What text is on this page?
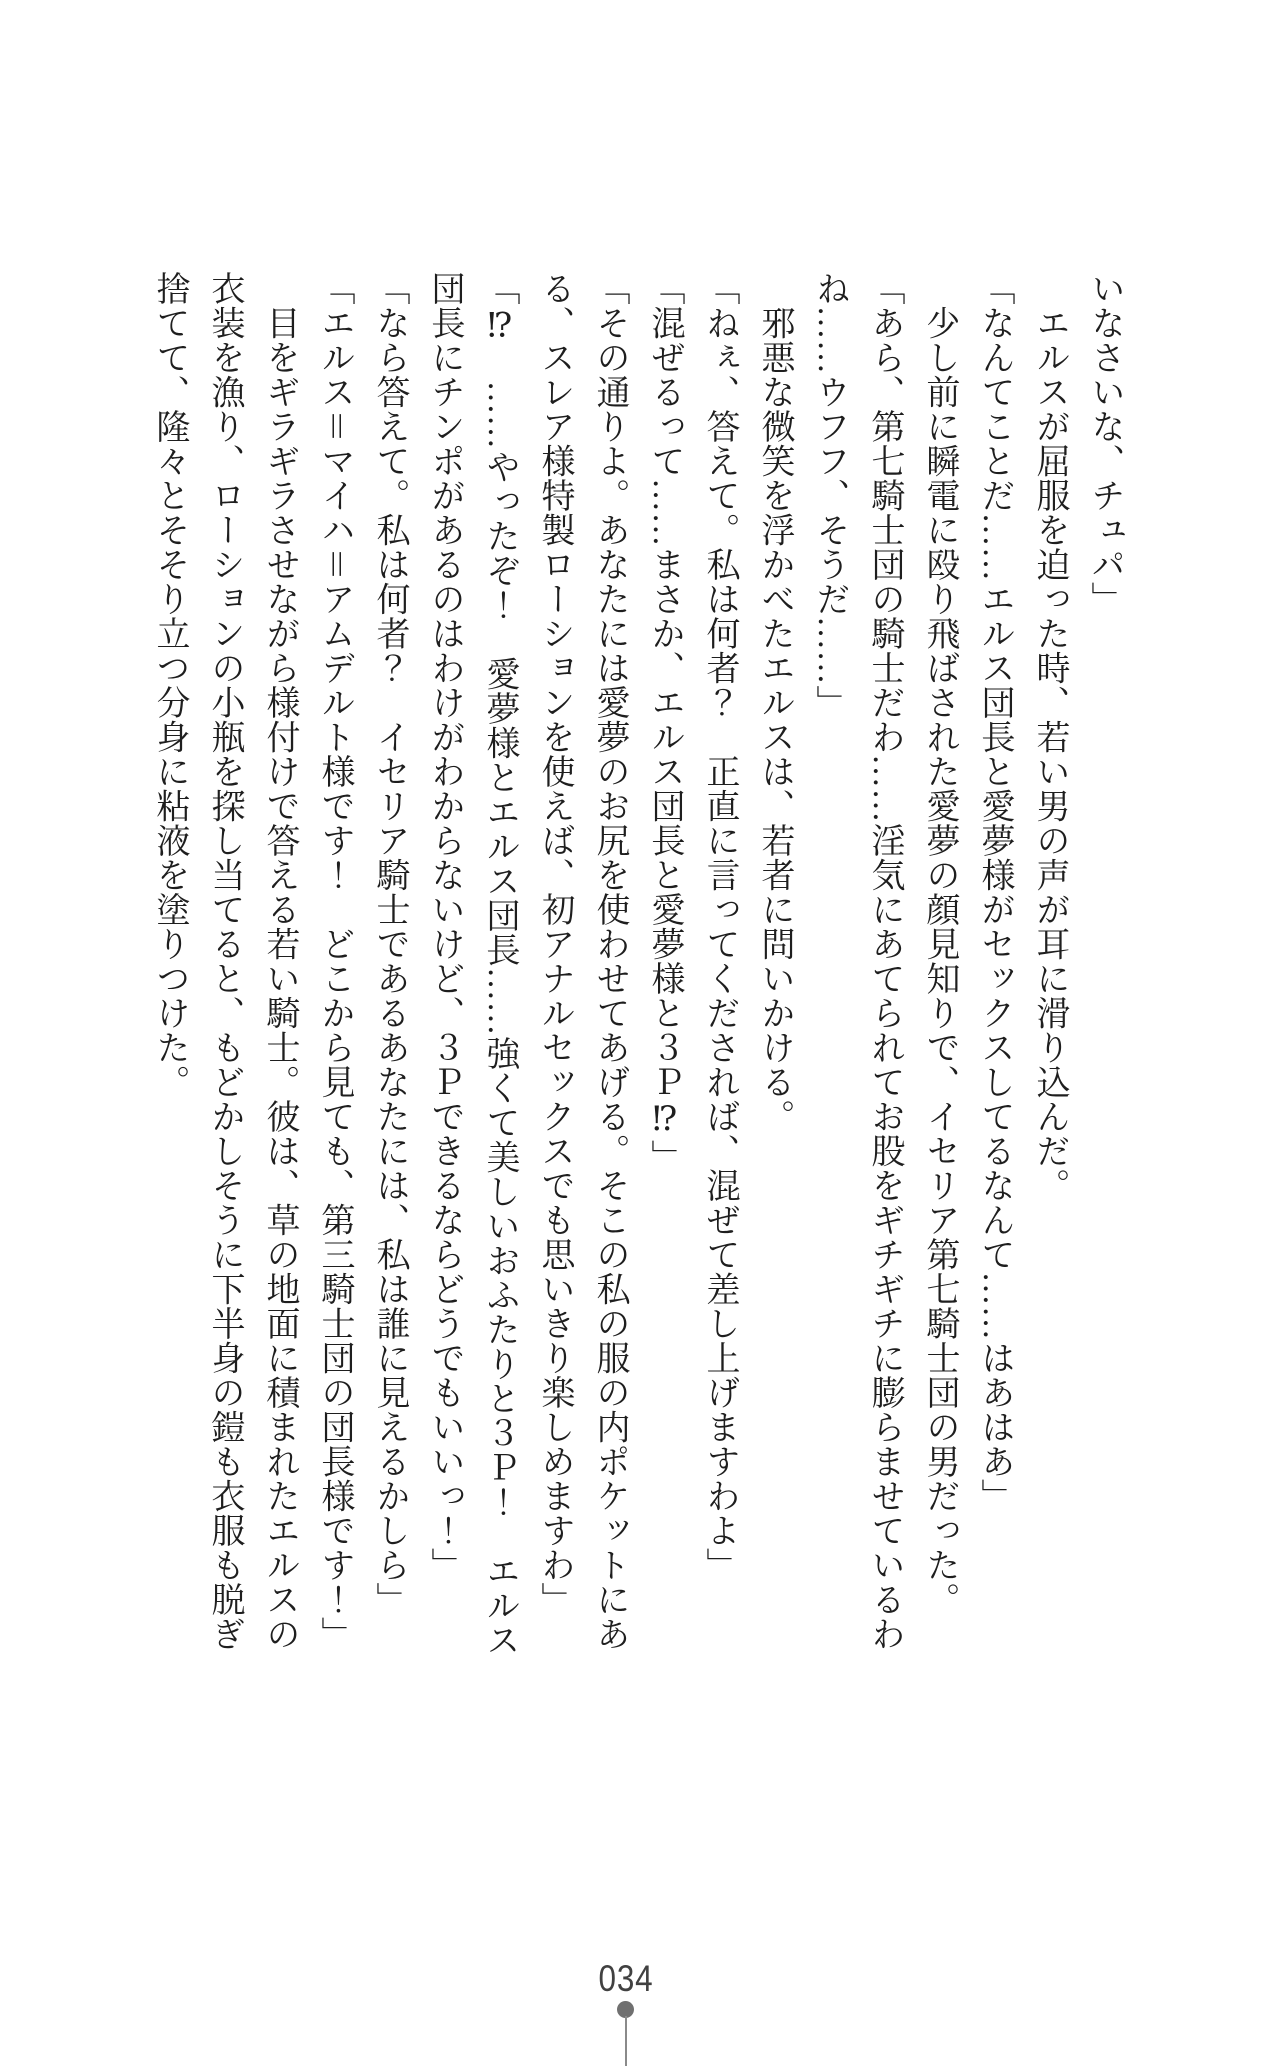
いなさいな、チュパ」
　エルスが屈服を迫った時、若い男の声が耳に滑り込んだ。
「なんてことだ……エルス団長と愛夢様がセックスしてるなんて……はあはあ」
　少し前に瞬電に殴り飛ばされた愛夢の顔見知りで、イセリア第七騎士団の男だった。
「あら、第七騎士団の騎士だわ……淫気にあてられてお股をギチギチに膨らませているわ
ね……ウフフ、そうだ……」
　邪悪な微笑を浮かべたエルスは、若者に問いかける。
「ねぇ、答えて。私は何者？　正直に言ってくだされば、混ぜて差し上げますわよ」
「混ぜるって……まさか、エルス団長と愛夢様と３Ｐ⁉」
「その通りよ。あなたには愛夢のお尻を使わせてあげる。そこの私の服の内ポケットにあ
る、スレア様特製ローションを使えば、初アナルセックスでも思いきり楽しめますわ」
「⁉　……やったぞ！　愛夢様とエルス団長……強くて美しいおふたりと３Ｐ！　エルス
団長にチンポがあるのはわけがわからないけど、３Ｐできるならどうでもいいっ！」
「なら答えて。私は何者？　イセリア騎士であるあなたには、私は誰に見えるかしら」
「エルス＝マイハ＝アムデルト様です！　どこから見ても、第三騎士団の団長様です！」
　目をギラギラさせながら様付けで答える若い騎士。彼は、草の地面に積まれたエルスの
衣装を漁り、ローションの小瓶を探し当てると、もどかしそうに下半身の鎧も衣服も脱ぎ
捨てて、隆々とそそり立つ分身に粘液を塗りつけた。
034
